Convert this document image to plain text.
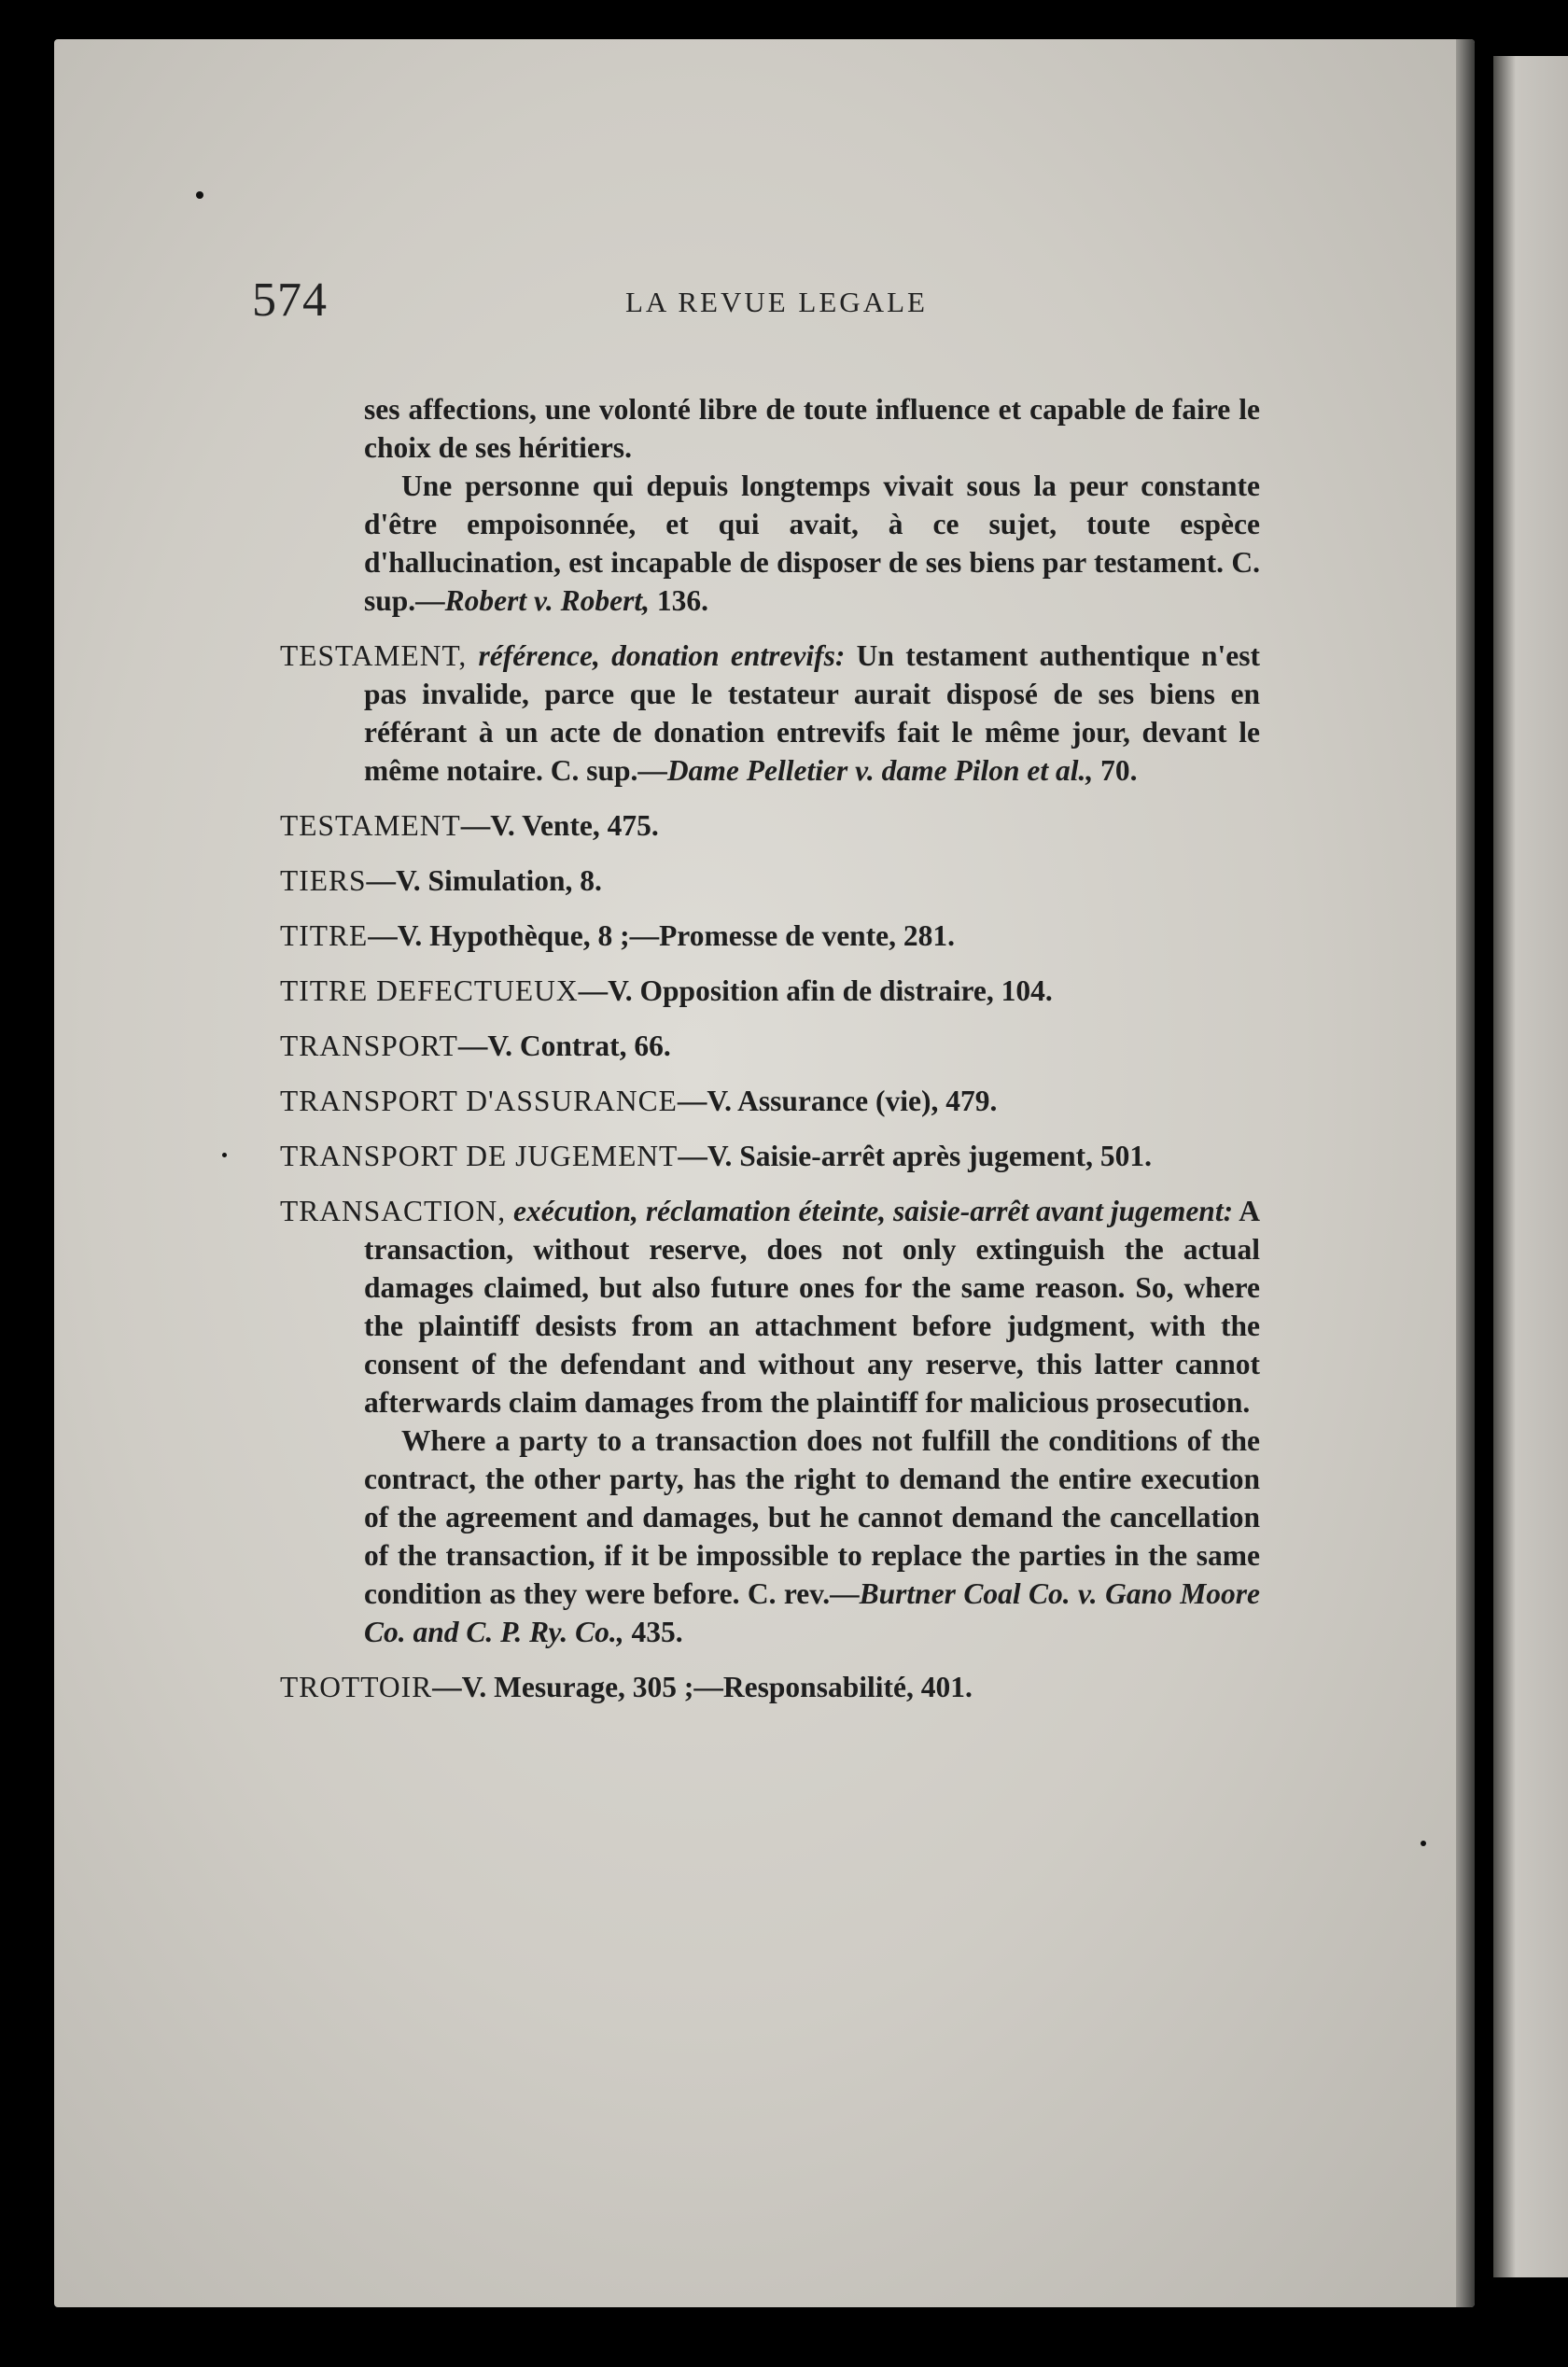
574	LA REVUE LEGALE

ses affections, une volonté libre de toute influence et capable de faire le choix de ses héritiers.

Une personne qui depuis longtemps vivait sous la peur constante d'être empoisonnée, et qui avait, à ce sujet, toute espèce d'hallucination, est incapable de disposer de ses biens par testament. C. sup.—Robert v. Robert, 136.

TESTAMENT, référence, donation entrevifs: Un testament authentique n'est pas invalide, parce que le testateur aurait disposé de ses biens en référant à un acte de donation entrevifs fait le même jour, devant le même notaire. C. sup.—Dame Pelletier v. dame Pilon et al., 70.
TESTAMENT—V. Vente, 475.
TIERS—V. Simulation, 8.
TITRE—V. Hypothèque, 8 ;—Promesse de vente, 281.
TITRE DEFECTUEUX—V. Opposition afin de distraire, 104.
TRANSPORT—V. Contrat, 66.
TRANSPORT D'ASSURANCE—V. Assurance (vie), 479.
TRANSPORT DE JUGEMENT—V. Saisie-arrêt après jugement, 501.
TRANSACTION, exécution, réclamation éteinte, saisie-arrêt avant jugement: A transaction, without reserve, does not only extinguish the actual damages claimed, but also future ones for the same reason. So, where the plaintiff desists from an attachment before judgment, with the consent of the defendant and without any reserve, this latter cannot afterwards claim damages from the plaintiff for malicious prosecution.

Where a party to a transaction does not fulfill the conditions of the contract, the other party, has the right to demand the entire execution of the agreement and damages, but he cannot demand the cancellation of the transaction, if it be impossible to replace the parties in the same condition as they were before. C. rev.—Burtner Coal Co. v. Gano Moore Co. and C. P. Ry. Co., 435.

TROTTOIR—V. Mesurage, 305 ;—Responsabilité, 401.
